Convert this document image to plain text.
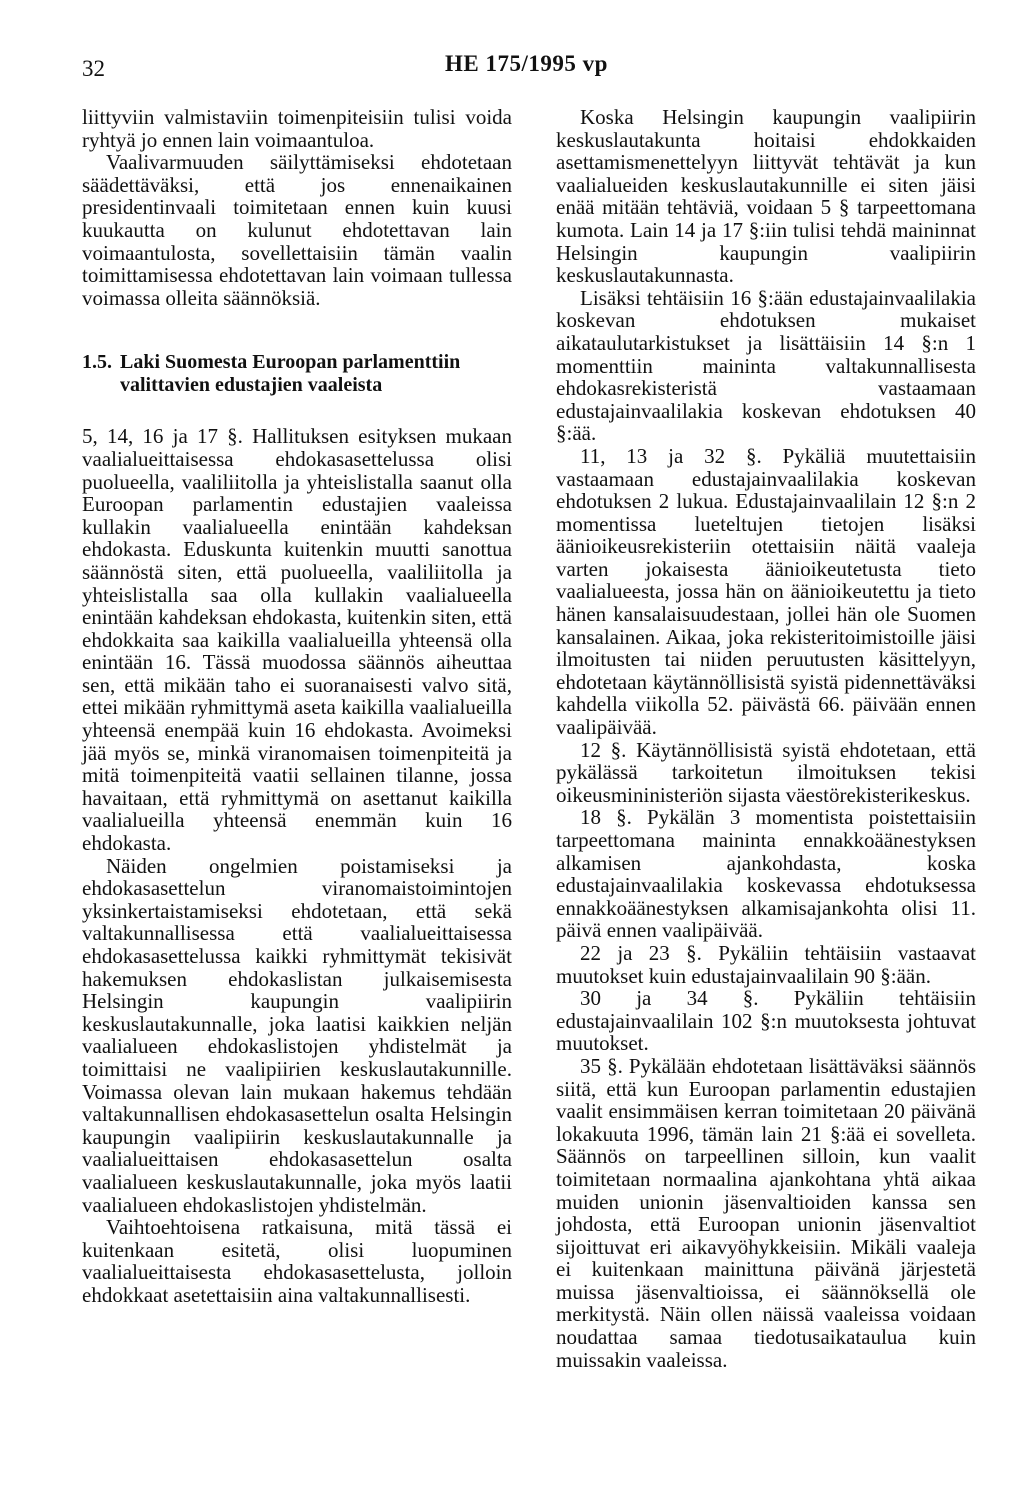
32	HE 175/1995 vp

liittyviin valmistaviin toimenpiteisiin tulisi voida ryhtyä jo ennen lain voimaantuloa.

Vaalivarmuuden säilyttämiseksi ehdotetaan säädettäväksi, että jos ennenaikainen presidentinvaali toimitetaan ennen kuin kuusi kuukautta on kulunut ehdotettavan lain voimaantulosta, sovellettaisiin tämän vaalin toimittamisessa ehdotettavan lain voimaan tullessa voimassa olleita säännöksiä.

1.5. Laki Suomesta Euroopan parlamenttiin valittavien edustajien vaaleista

5, 14, 16 ja 17 §. Hallituksen esityksen mukaan vaalialueittaisessa ehdokasasettelussa olisi puolueella, vaaliliitolla ja yhteislistalla saanut olla Euroopan parlamentin edustajien vaaleissa kullakin vaalialueella enintään kahdeksan ehdokasta. Eduskunta kuitenkin muutti sanottua säännöstä siten, että puolueella, vaaliliitolla ja yhteislistalla saa olla kullakin vaalialueella enintään kahdeksan ehdokasta, kuitenkin siten, että ehdokkaita saa kaikilla vaalialueilla yhteensä olla enintään 16. Tässä muodossa säännös aiheuttaa sen, että mikään taho ei suoranaisesti valvo sitä, ettei mikään ryhmittymä aseta kaikilla vaalialueilla yhteensä enempää kuin 16 ehdokasta. Avoimeksi jää myös se, minkä viranomaisen toimenpiteitä ja mitä toimenpiteitä vaatii sellainen tilanne, jossa havaitaan, että ryhmittymä on asettanut kaikilla vaalialueilla yhteensä enemmän kuin 16 ehdokasta.

Näiden ongelmien poistamiseksi ja ehdokasasettelun viranomaistoimintojen yksinkertaistamiseksi ehdotetaan, että sekä valtakunnallisessa että vaalialueittaisessa ehdokasasettelussa kaikki ryhmittymät tekisivät hakemuksen ehdokaslistan julkaisemisesta Helsingin kaupungin vaalipiirin keskuslautakunnalle, joka laatisi kaikkien neljän vaalialueen ehdokaslistojen yhdistelmät ja toimittaisi ne vaalipiirien keskuslautakunnille. Voimassa olevan lain mukaan hakemus tehdään valtakunnallisen ehdokasasettelun osalta Helsingin kaupungin vaalipiirin keskuslautakunnalle ja vaalialueittaisen ehdokasasettelun osalta vaalialueen keskuslautakunnalle, joka myös laatii vaalialueen ehdokaslistojen yhdistelmän.

Vaihtoehtoisena ratkaisuna, mitä tässä ei kuitenkaan esitetä, olisi luopuminen vaalialueittaisesta ehdokasasettelusta, jolloin ehdokkaat asetettaisiin aina valtakunnallisesti.

Koska Helsingin kaupungin vaalipiirin keskuslautakunta hoitaisi ehdokkaiden asettamismenettelyyn liittyvät tehtävät ja kun vaalialueiden keskuslautakunnille ei siten jäisi enää mitään tehtäviä, voidaan 5 § tarpeettomana kumota. Lain 14 ja 17 §:iin tulisi tehdä maininnat Helsingin kaupungin vaalipiirin keskuslautakunnasta.

Lisäksi tehtäisiin 16 §:ään edustajainvaalilakia koskevan ehdotuksen mukaiset aikataulutarkistukset ja lisättäisiin 14 §:n 1 momenttiin maininta valtakunnallisesta ehdokasrekisteristä vastaamaan edustajainvaalilakia koskevan ehdotuksen 40 §:ää.

11, 13 ja 32 §. Pykäliä muutettaisiin vastaamaan edustajainvaalilakia koskevan ehdotuksen 2 lukua. Edustajainvaalilain 12 §:n 2 momentissa lueteltujen tietojen lisäksi äänioikeusrekisteriin otettaisiin näitä vaaleja varten jokaisesta äänioikeutetusta tieto vaalialueesta, jossa hän on äänioikeutettu ja tieto hänen kansalaisuudestaan, jollei hän ole Suomen kansalainen. Aikaa, joka rekisteritoimistoille jäisi ilmoitusten tai niiden peruutusten käsittelyyn, ehdotetaan käytännöllisistä syistä pidennettäväksi kahdella viikolla 52. päivästä 66. päivään ennen vaalipäivää.

12 §. Käytännöllisistä syistä ehdotetaan, että pykälässä tarkoitetun ilmoituksen tekisi oikeusmininisteriön sijasta väestörekisterikeskus.

18 §. Pykälän 3 momentista poistettaisiin tarpeettomana maininta ennakkoäänestyksen alkamisen ajankohdasta, koska edustajainvaalilakia koskevassa ehdotuksessa ennakkoäänestyksen alkamisajankohta olisi 11. päivä ennen vaalipäivää.

22 ja 23 §. Pykäliin tehtäisiin vastaavat muutokset kuin edustajainvaalilain 90 §:ään.

30 ja 34 §. Pykäliin tehtäisiin edustajainvaalilain 102 §:n muutoksesta johtuvat muutokset.

35 §. Pykälään ehdotetaan lisättäväksi säännös siitä, että kun Euroopan parlamentin edustajien vaalit ensimmäisen kerran toimitetaan 20 päivänä lokakuuta 1996, tämän lain 21 §:ää ei sovelleta. Säännös on tarpeellinen silloin, kun vaalit toimitetaan normaalina ajankohtana yhtä aikaa muiden unionin jäsenvaltioiden kanssa sen johdosta, että Euroopan unionin jäsenvaltiot sijoittuvat eri aikavyöhykkeisiin. Mikäli vaaleja ei kuitenkaan mainittuna päivänä järjestetä muissa jäsenvaltioissa, ei säännöksellä ole merkitystä. Näin ollen näissä vaaleissa voidaan noudattaa samaa tiedotusaikataulua kuin muissakin vaaleissa.
